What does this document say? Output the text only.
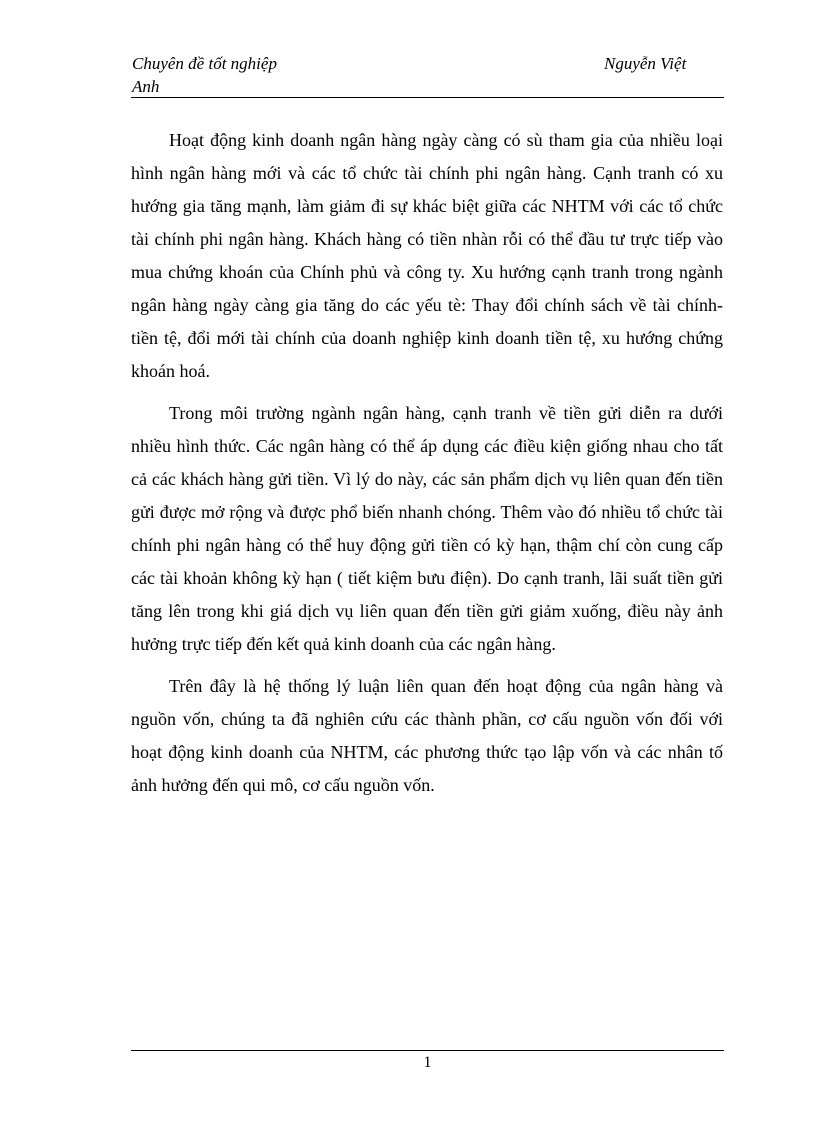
Chuyên đề tốt nghiệp
Anh
Nguyễn Việt

Hoạt động kinh doanh ngân hàng ngày càng có sù tham gia của nhiều loại hình ngân hàng mới và các tổ chức tài chính phi ngân hàng. Cạnh tranh có xu hướng gia tăng mạnh, làm giảm đi sự khác biệt giữa các NHTM với các tổ chức tài chính phi ngân hàng. Khách hàng có tiền nhàn rỗi có thể đầu tư trực tiếp vào mua chứng khoán của Chính phủ và công ty. Xu hướng cạnh tranh trong ngành ngân hàng ngày càng gia tăng do các yếu tè: Thay đổi chính sách về tài chính- tiền tệ, đổi mới tài chính của doanh nghiệp kinh doanh tiền tệ, xu hướng chứng khoán hoá.

Trong môi trường ngành ngân hàng, cạnh tranh về tiền gửi diễn ra dưới nhiều hình thức. Các ngân hàng có thể áp dụng các điều kiện giống nhau cho tất cả các khách hàng gửi tiền. Vì lý do này, các sản phẩm dịch vụ liên quan đến tiền gửi được mở rộng và được phổ biến nhanh chóng. Thêm vào đó nhiều tổ chức tài chính phi ngân hàng có thể huy động gửi tiền có kỳ hạn, thậm chí còn cung cấp các tài khoản không kỳ hạn ( tiết kiệm bưu điện). Do cạnh tranh, lãi suất tiền gửi tăng lên trong khi giá dịch vụ liên quan đến tiền gửi giảm xuống, điều này ảnh hưởng trực tiếp đến kết quả kinh doanh của các ngân hàng.

Trên đây là hệ thống lý luận liên quan đến hoạt động của ngân hàng và nguồn vốn, chúng ta đã nghiên cứu các thành phần, cơ cấu nguồn vốn đối với hoạt động kinh doanh của NHTM, các phương thức tạo lập vốn và các nhân tố ảnh hưởng đến qui mô, cơ cấu nguồn vốn.

1
